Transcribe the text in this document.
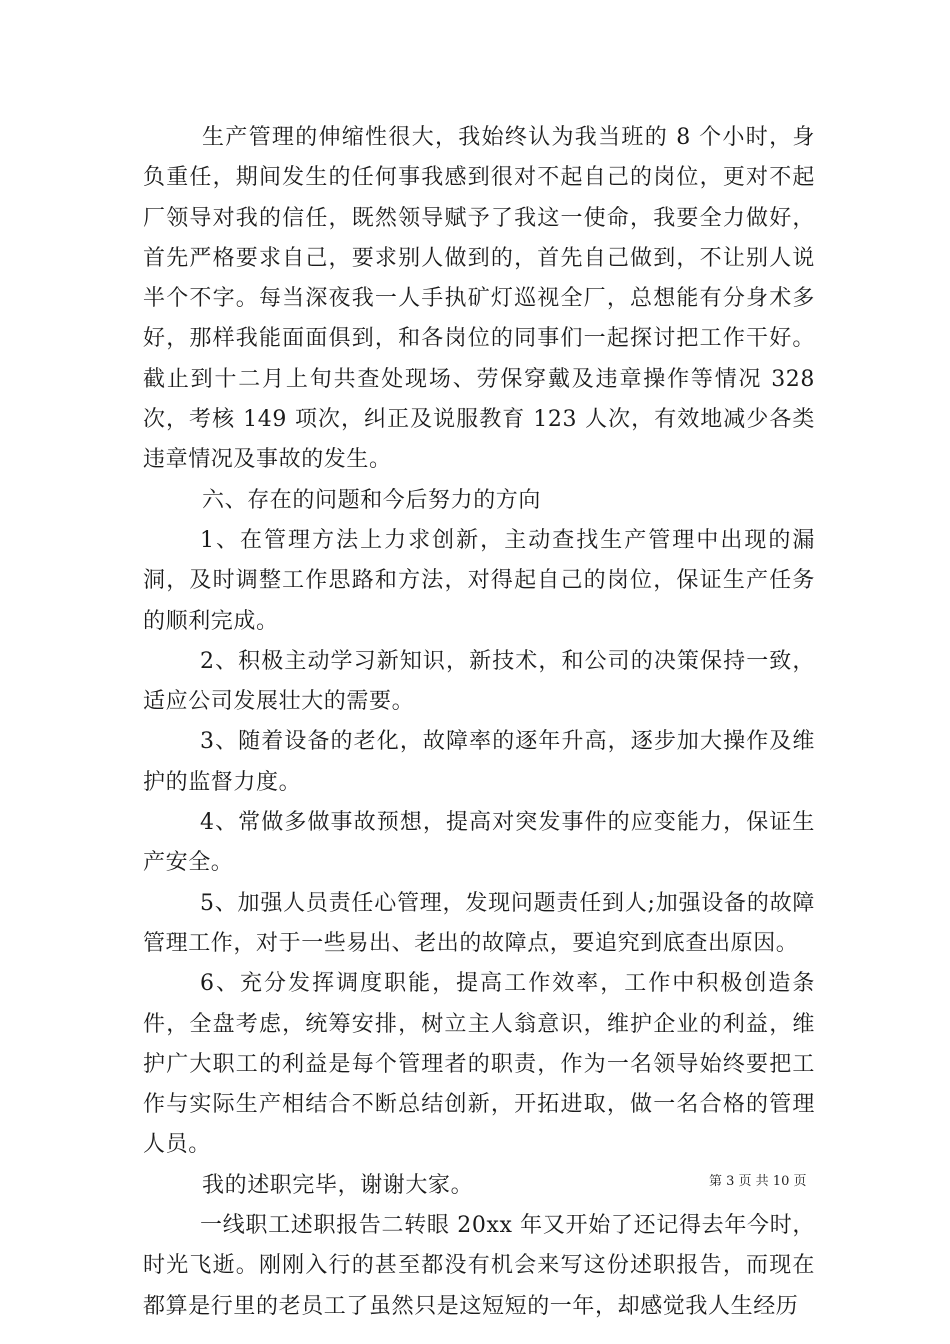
生产管理的伸缩性很大，我始终认为我当班的 8 个小时，身负重任，期间发生的任何事我感到很对不起自己的岗位，更对不起厂领导对我的信任，既然领导赋予了我这一使命，我要全力做好，首先严格要求自己，要求别人做到的，首先自己做到，不让别人说半个不字。每当深夜我一人手执矿灯巡视全厂，总想能有分身术多好，那样我能面面俱到，和各岗位的同事们一起探讨把工作干好。截止到十二月上旬共查处现场、劳保穿戴及违章操作等情况 328 次，考核 149 项次，纠正及说服教育 123 人次，有效地减少各类违章情况及事故的发生。

六、存在的问题和今后努力的方向

1、在管理方法上力求创新，主动查找生产管理中出现的漏洞，及时调整工作思路和方法，对得起自己的岗位，保证生产任务的顺利完成。

2、积极主动学习新知识，新技术，和公司的决策保持一致，适应公司发展壮大的需要。

3、随着设备的老化，故障率的逐年升高，逐步加大操作及维护的监督力度。

4、常做多做事故预想，提高对突发事件的应变能力，保证生产安全。

5、加强人员责任心管理，发现问题责任到人;加强设备的故障管理工作，对于一些易出、老出的故障点，要追究到底查出原因。

6、充分发挥调度职能，提高工作效率，工作中积极创造条件，全盘考虑，统筹安排，树立主人翁意识，维护企业的利益，维护广大职工的利益是每个管理者的职责，作为一名领导始终要把工作与实际生产相结合不断总结创新，开拓进取，做一名合格的管理人员。

我的述职完毕，谢谢大家。

一线职工述职报告二转眼 20xx 年又开始了还记得去年今时，时光飞逝。刚刚入行的甚至都没有机会来写这份述职报告，而现在都算是行里的老员工了虽然只是这短短的一年，却感觉我人生经历

第 3 页 共 10 页
